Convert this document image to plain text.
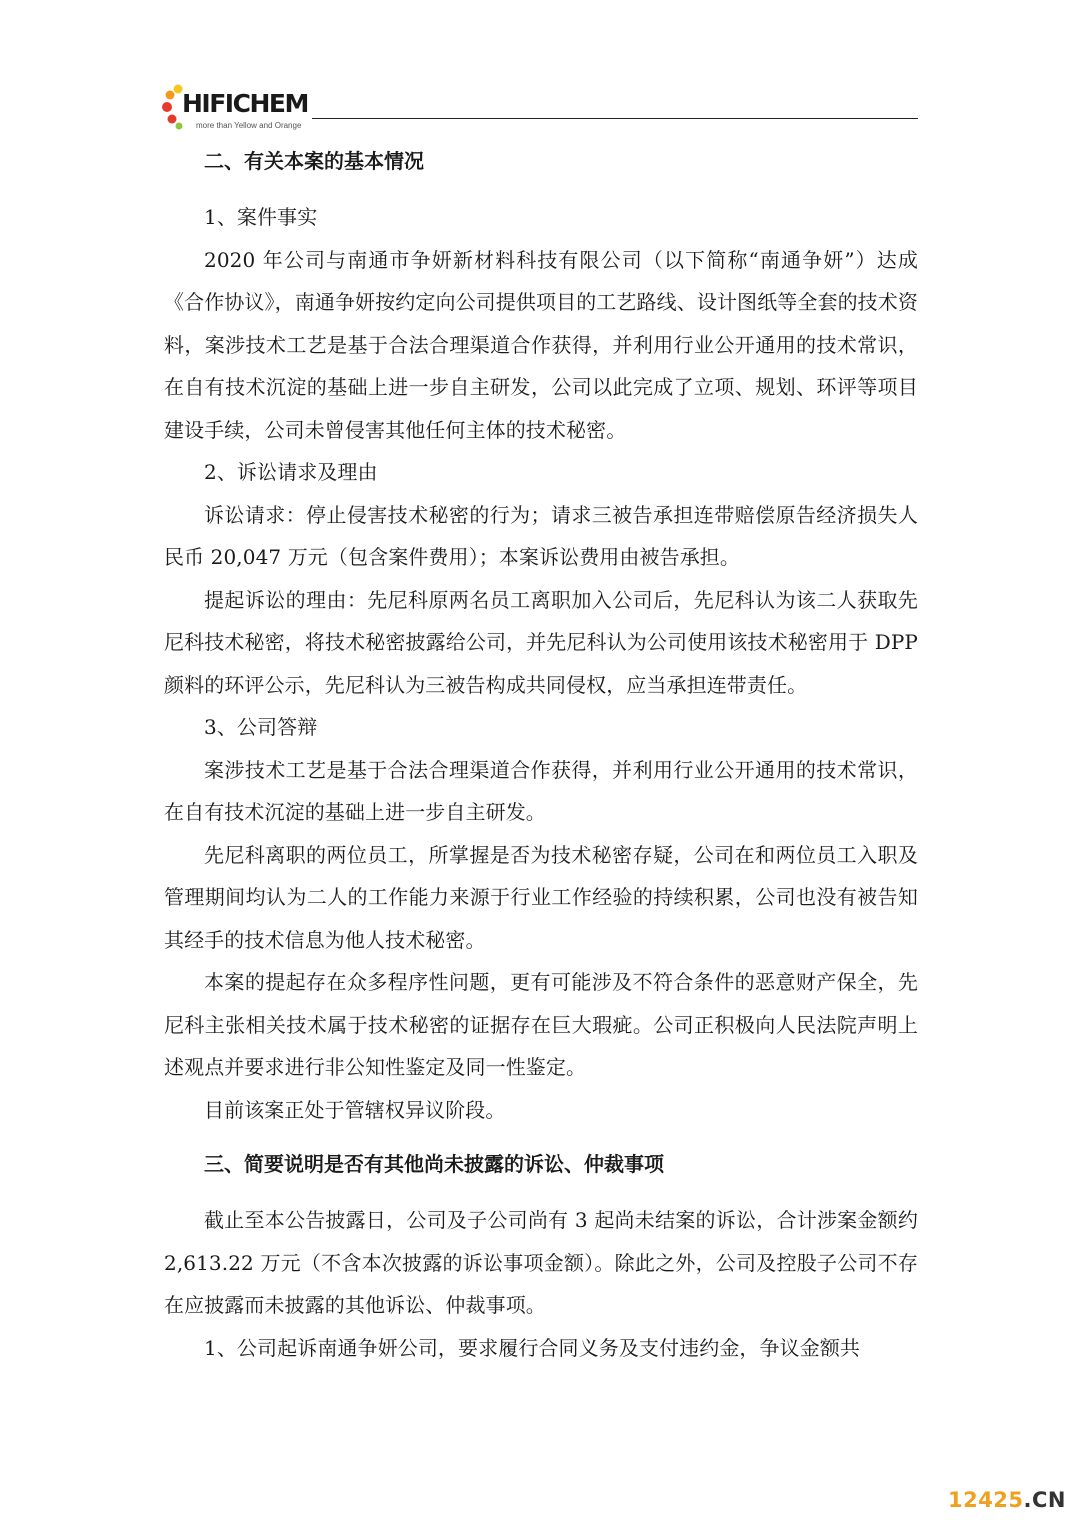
HIFICHEM
more than Yellow and Orange

二、有关本案的基本情况

1、案件事实

2020 年公司与南通市争妍新材料科技有限公司（以下简称“南通争妍”）达成《合作协议》，南通争妍按约定向公司提供项目的工艺路线、设计图纸等全套的技术资料，案涉技术工艺是基于合法合理渠道合作获得，并利用行业公开通用的技术常识，在自有技术沉淀的基础上进一步自主研发，公司以此完成了立项、规划、环评等项目建设手续，公司未曾侵害其他任何主体的技术秘密。

2、诉讼请求及理由

诉讼请求：停止侵害技术秘密的行为；请求三被告承担连带赔偿原告经济损失人民币 20,047 万元（包含案件费用）；本案诉讼费用由被告承担。

提起诉讼的理由：先尼科原两名员工离职加入公司后，先尼科认为该二人获取先尼科技术秘密，将技术秘密披露给公司，并先尼科认为公司使用该技术秘密用于 DPP 颜料的环评公示，先尼科认为三被告构成共同侵权，应当承担连带责任。

3、公司答辩

案涉技术工艺是基于合法合理渠道合作获得，并利用行业公开通用的技术常识，在自有技术沉淀的基础上进一步自主研发。

先尼科离职的两位员工，所掌握是否为技术秘密存疑，公司在和两位员工入职及管理期间均认为二人的工作能力来源于行业工作经验的持续积累，公司也没有被告知其经手的技术信息为他人技术秘密。

本案的提起存在众多程序性问题，更有可能涉及不符合条件的恶意财产保全，先尼科主张相关技术属于技术秘密的证据存在巨大瑕疵。公司正积极向人民法院声明上述观点并要求进行非公知性鉴定及同一性鉴定。

目前该案正处于管辖权异议阶段。

三、简要说明是否有其他尚未披露的诉讼、仲裁事项

截止至本公告披露日，公司及子公司尚有 3 起尚未结案的诉讼，合计涉案金额约 2,613.22 万元（不含本次披露的诉讼事项金额）。除此之外，公司及控股子公司不存在应披露而未披露的其他诉讼、仲裁事项。

1、公司起诉南通争妍公司，要求履行合同义务及支付违约金，争议金额共

12425.CN
